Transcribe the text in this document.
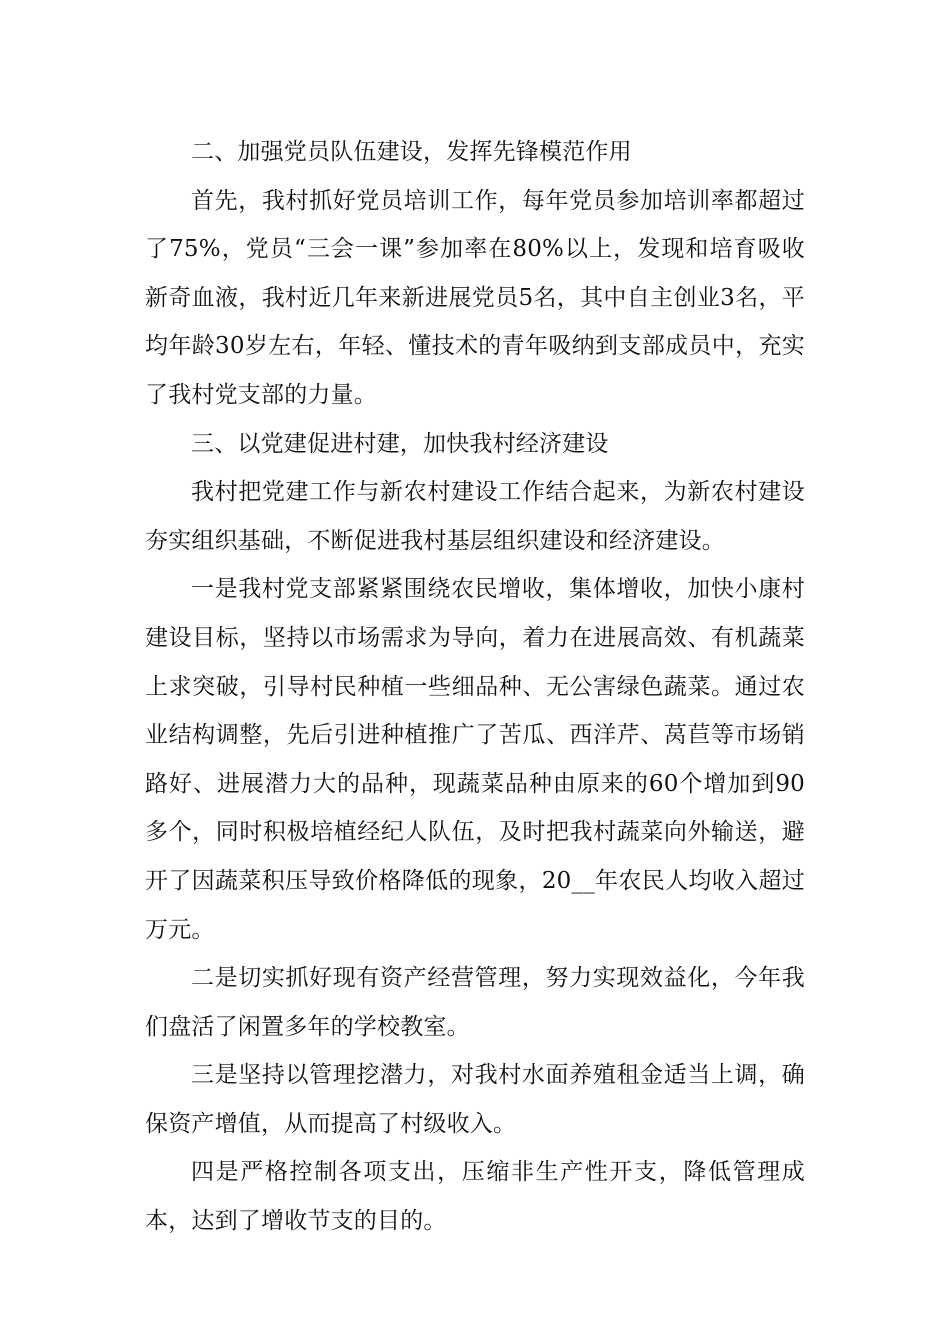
二、加强党员队伍建设，发挥先锋模范作用

首先，我村抓好党员培训工作，每年党员参加培训率都超过了75%，党员“三会一课”参加率在80%以上，发现和培育吸收新奇血液，我村近几年来新进展党员5名，其中自主创业3名，平均年龄30岁左右，年轻、懂技术的青年吸纳到支部成员中，充实了我村党支部的力量。

三、以党建促进村建，加快我村经济建设

我村把党建工作与新农村建设工作结合起来，为新农村建设夯实组织基础，不断促进我村基层组织建设和经济建设。

一是我村党支部紧紧围绕农民增收，集体增收，加快小康村建设目标，坚持以市场需求为导向，着力在进展高效、有机蔬菜上求突破，引导村民种植一些细品种、无公害绿色蔬菜。通过农业结构调整，先后引进种植推广了苦瓜、西洋芹、莴苣等市场销路好、进展潜力大的品种，现蔬菜品种由原来的60个增加到90多个，同时积极培植经纪人队伍，及时把我村蔬菜向外输送，避开了因蔬菜积压导致价格降低的现象，20__年农民人均收入超过万元。

二是切实抓好现有资产经营管理，努力实现效益化，今年我们盘活了闲置多年的学校教室。

三是坚持以管理挖潜力，对我村水面养殖租金适当上调，确保资产增值，从而提高了村级收入。

四是严格控制各项支出，压缩非生产性开支，降低管理成本，达到了增收节支的目的。
